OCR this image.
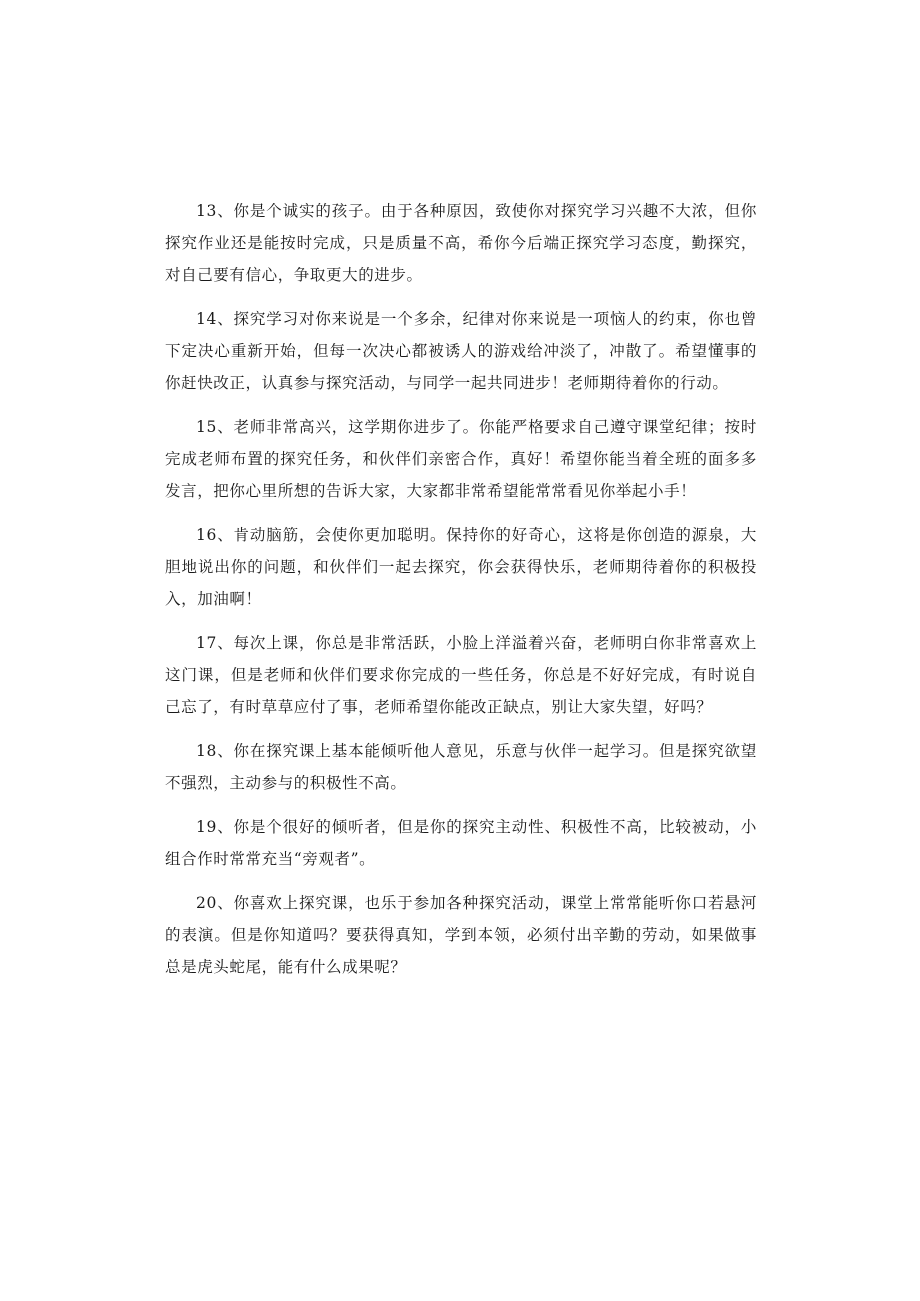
13、你是个诚实的孩子。由于各种原因，致使你对探究学习兴趣不大浓，但你探究作业还是能按时完成，只是质量不高，希你今后端正探究学习态度，勤探究，对自己要有信心，争取更大的进步。

14、探究学习对你来说是一个多余，纪律对你来说是一项恼人的约束，你也曾下定决心重新开始，但每一次决心都被诱人的游戏给冲淡了，冲散了。希望懂事的你赶快改正，认真参与探究活动，与同学一起共同进步！老师期待着你的行动。

15、老师非常高兴，这学期你进步了。你能严格要求自己遵守课堂纪律；按时完成老师布置的探究任务，和伙伴们亲密合作，真好！希望你能当着全班的面多多发言，把你心里所想的告诉大家，大家都非常希望能常常看见你举起小手！

16、肯动脑筋，会使你更加聪明。保持你的好奇心，这将是你创造的源泉，大胆地说出你的问题，和伙伴们一起去探究，你会获得快乐，老师期待着你的积极投入，加油啊！

17、每次上课，你总是非常活跃，小脸上洋溢着兴奋，老师明白你非常喜欢上这门课，但是老师和伙伴们要求你完成的一些任务，你总是不好好完成，有时说自己忘了，有时草草应付了事，老师希望你能改正缺点，别让大家失望，好吗？

18、你在探究课上基本能倾听他人意见，乐意与伙伴一起学习。但是探究欲望不强烈，主动参与的积极性不高。

19、你是个很好的倾听者，但是你的探究主动性、积极性不高，比较被动，小组合作时常常充当“旁观者”。

20、你喜欢上探究课，也乐于参加各种探究活动，课堂上常常能听你口若悬河的表演。但是你知道吗？要获得真知，学到本领，必须付出辛勤的劳动，如果做事总是虎头蛇尾，能有什么成果呢？
